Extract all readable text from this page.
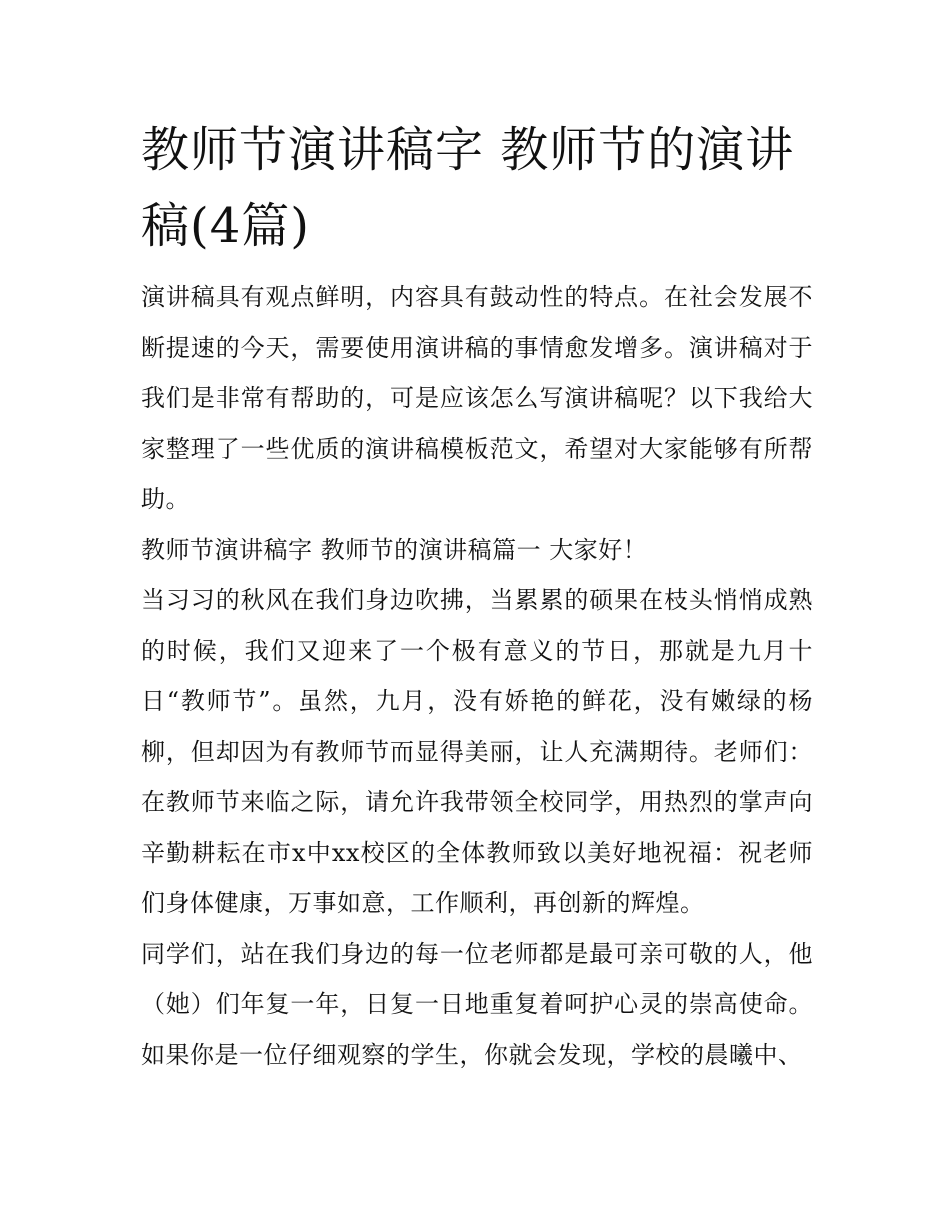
教师节演讲稿字 教师节的演讲稿(4篇)

演讲稿具有观点鲜明，内容具有鼓动性的特点。在社会发展不断提速的今天，需要使用演讲稿的事情愈发增多。演讲稿对于我们是非常有帮助的，可是应该怎么写演讲稿呢？以下我给大家整理了一些优质的演讲稿模板范文，希望对大家能够有所帮助。

教师节演讲稿字 教师节的演讲稿篇一 大家好！

当习习的秋风在我们身边吹拂，当累累的硕果在枝头悄悄成熟的时候，我们又迎来了一个极有意义的节日，那就是九月十日“教师节”。虽然，九月，没有娇艳的鲜花，没有嫩绿的杨柳，但却因为有教师节而显得美丽，让人充满期待。老师们：在教师节来临之际，请允许我带领全校同学，用热烈的掌声向辛勤耕耘在市x中xx校区的全体教师致以美好地祝福：祝老师们身体健康，万事如意，工作顺利，再创新的辉煌。

同学们，站在我们身边的每一位老师都是最可亲可敬的人，他（她）们年复一年，日复一日地重复着呵护心灵的崇高使命。如果你是一位仔细观察的学生，你就会发现，学校的晨曦中、
